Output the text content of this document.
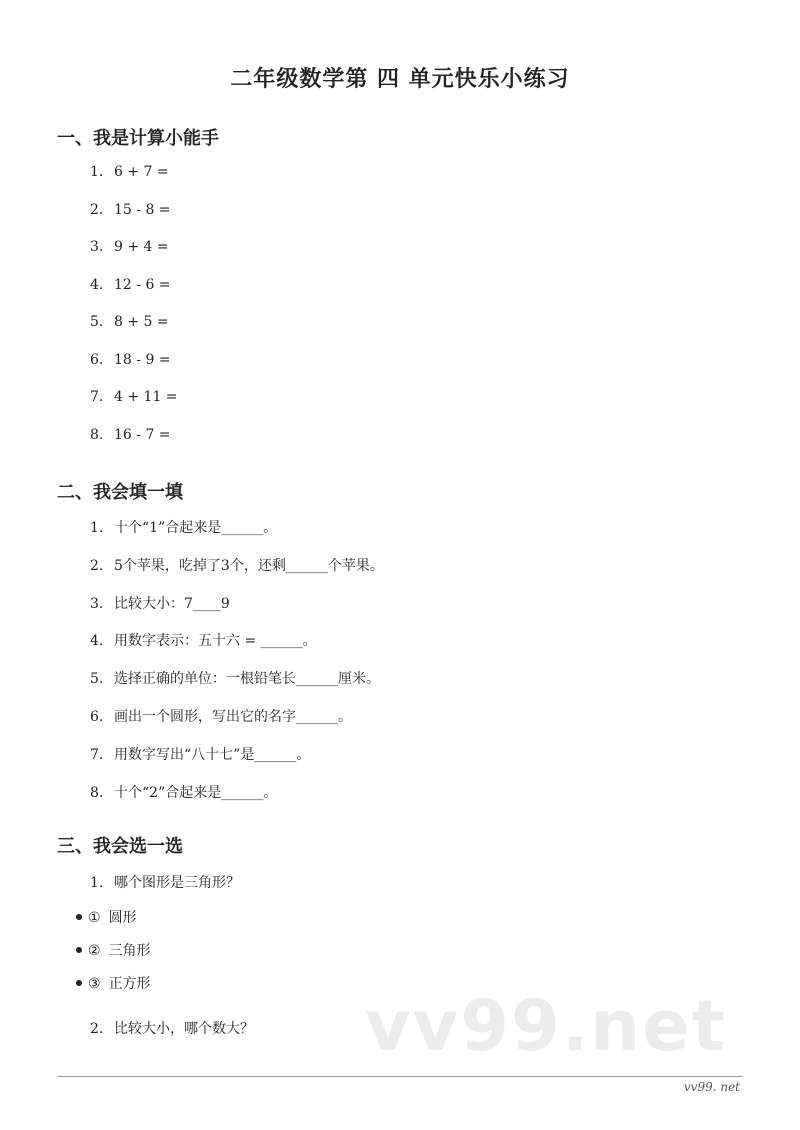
二年级数学第 四 单元快乐小练习
一、我是计算小能手
1. 6 + 7 =
2. 15 - 8 =
3. 9 + 4 =
4. 12 - 6 =
5. 8 + 5 =
6. 18 - 9 =
7. 4 + 11 =
8. 16 - 7 =
二、我会填一填
1. 十个“1”合起来是______。
2. 5个苹果，吃掉了3个，还剩______个苹果。
3. 比较大小：7____9
4. 用数字表示：五十六 = ______。
5. 选择正确的单位：一根铅笔长______厘米。
6. 画出一个圆形，写出它的名字______。
7. 用数字写出“八十七”是______。
8. 十个“2”合起来是______。
三、我会选一选
1. 哪个图形是三角形？
① 圆形
② 三角形
③ 正方形
2. 比较大小，哪个数大？ vv99.net
vv99. net
